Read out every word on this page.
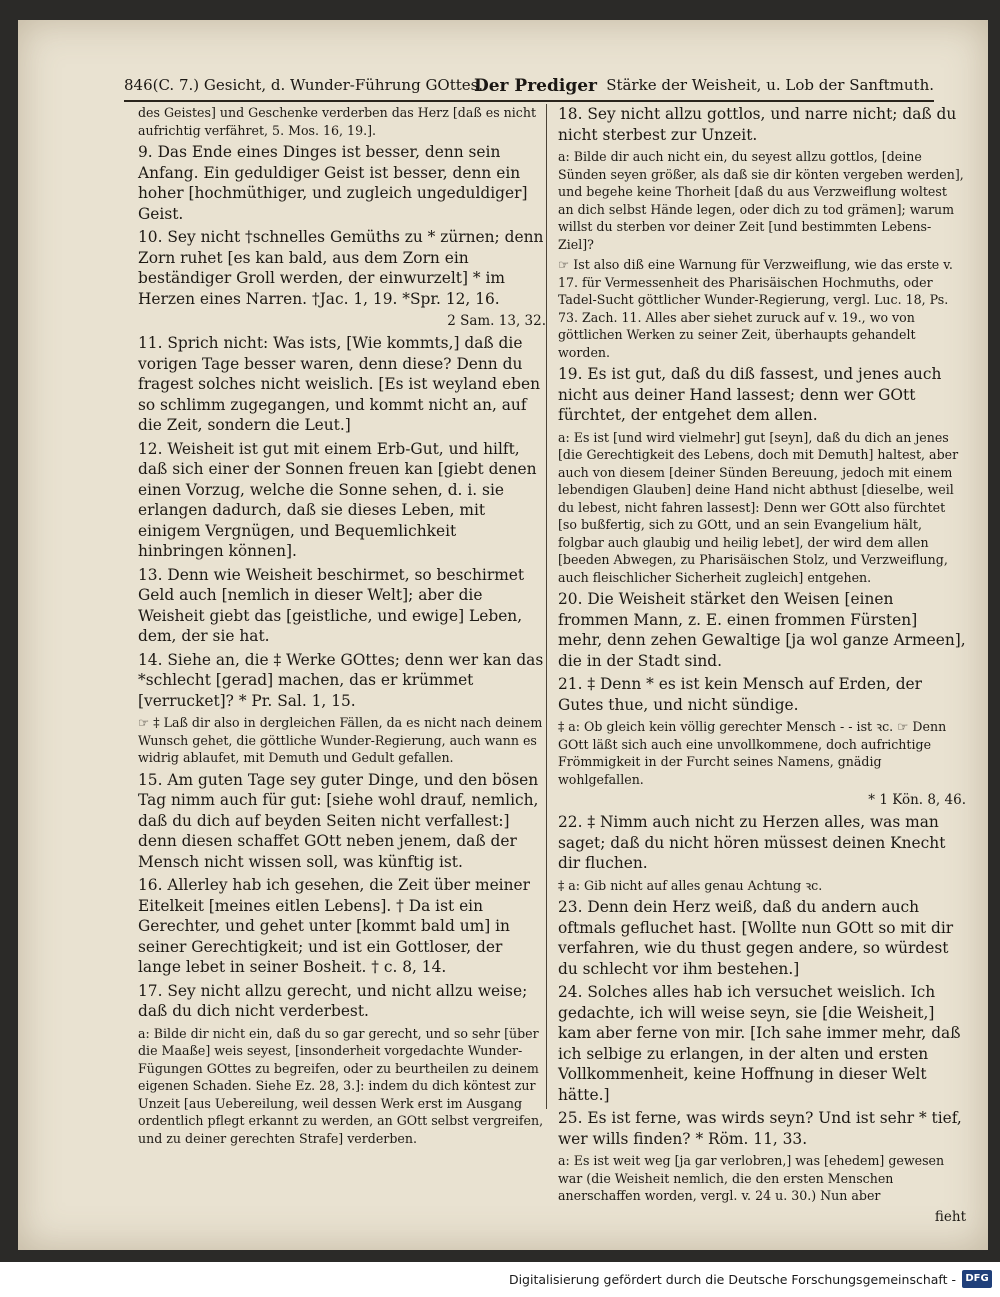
846(C. 7.) Gesicht, d. Wunder-Führung GOttes.
Der Prediger Stärke der Weisheit, u. Lob der Sanftmuth.

des Geistes] und Geschenke verderben das Herz [daß es nicht aufrichtig verfähret, 5. Mos. 16, 19.].

9. Das Ende eines Dinges ist besser, denn sein Anfang. Ein geduldiger Geist ist besser, denn ein hoher [hochmüthiger, und zugleich ungeduldiger] Geist.

10. Sey nicht †schnelles Gemüths zu * zürnen; denn Zorn ruhet [es kan bald, aus dem Zorn ein beständiger Groll werden, der einwurzelt] * im Herzen eines Narren. †Jac. 1, 19. *Spr. 12, 16.

2 Sam. 13, 32.

11. Sprich nicht: Was ists, [Wie kommts,] daß die vorigen Tage besser waren, denn diese? Denn du fragest solches nicht weislich. [Es ist weyland eben so schlimm zugegangen, und kommt nicht an, auf die Zeit, sondern die Leut.]

12. Weisheit ist gut mit einem Erb-Gut, und hilft, daß sich einer der Sonnen freuen kan [giebt denen einen Vorzug, welche die Sonne sehen, d. i. sie erlangen dadurch, daß sie dieses Leben, mit einigem Vergnügen, und Bequemlichkeit hinbringen können].

13. Denn wie Weisheit beschirmet, so beschirmet Geld auch [nemlich in dieser Welt]; aber die Weisheit giebt das [geistliche, und ewige] Leben, dem, der sie hat.

14. Siehe an, die ‡ Werke GOttes; denn wer kan das *schlecht [gerad] machen, das er krümmet [verrucket]? * Pr. Sal. 1, 15.

☞ ‡ Laß dir also in dergleichen Fällen, da es nicht nach deinem Wunsch gehet, die göttliche Wunder-Regierung, auch wann es widrig ablaufet, mit Demuth und Gedult gefallen.

15. Am guten Tage sey guter Dinge, und den bösen Tag nimm auch für gut: [siehe wohl drauf, nemlich, daß du dich auf beyden Seiten nicht verfallest:] denn diesen schaffet GOtt neben jenem, daß der Mensch nicht wissen soll, was künftig ist.

16. Allerley hab ich gesehen, die Zeit über meiner Eitelkeit [meines eitlen Lebens]. † Da ist ein Gerechter, und gehet unter [kommt bald um] in seiner Gerechtigkeit; und ist ein Gottloser, der lange lebet in seiner Bosheit. † c. 8, 14.

17. Sey nicht allzu gerecht, und nicht allzu weise; daß du dich nicht verderbest.

a: Bilde dir nicht ein, daß du so gar gerecht, und so sehr [über die Maaße] weis seyest, [insonderheit vorgedachte Wunder-Fügungen GOttes zu begreifen, oder zu beurtheilen zu deinem eigenen Schaden. Siehe Ez. 28, 3.]: indem du dich köntest zur Unzeit [aus Uebereilung, weil dessen Werk erst im Ausgang ordentlich pflegt erkannt zu werden, an GOtt selbst vergreifen, und zu deiner gerechten Strafe] verderben.

18. Sey nicht allzu gottlos, und narre nicht; daß du nicht sterbest zur Unzeit.

a: Bilde dir auch nicht ein, du seyest allzu gottlos, [deine Sünden seyen größer, als daß sie dir könten vergeben werden], und begehe keine Thorheit [daß du aus Verzweiflung woltest an dich selbst Hände legen, oder dich zu tod grämen]; warum willst du sterben vor deiner Zeit [und bestimmten Lebens-Ziel]?

☞ Ist also diß eine Warnung für Verzweiflung, wie das erste v. 17. für Vermessenheit des Pharisäischen Hochmuths, oder Tadel-Sucht göttlicher Wunder-Regierung, vergl. Luc. 18, Ps. 73. Zach. 11. Alles aber siehet zuruck auf v. 19., wo von göttlichen Werken zu seiner Zeit, überhaupts gehandelt worden.

19. Es ist gut, daß du diß fassest, und jenes auch nicht aus deiner Hand lassest; denn wer GOtt fürchtet, der entgehet dem allen.

a: Es ist [und wird vielmehr] gut [seyn], daß du dich an jenes [die Gerechtigkeit des Lebens, doch mit Demuth] haltest, aber auch von diesem [deiner Sünden Bereuung, jedoch mit einem lebendigen Glauben] deine Hand nicht abthust [dieselbe, weil du lebest, nicht fahren lassest]: Denn wer GOtt also fürchtet [so bußfertig, sich zu GOtt, und an sein Evangelium hält, folgbar auch glaubig und heilig lebet], der wird dem allen [beeden Abwegen, zu Pharisäischen Stolz, und Verzweiflung, auch fleischlicher Sicherheit zugleich] entgehen.

20. Die Weisheit stärket den Weisen [einen frommen Mann, z. E. einen frommen Fürsten] mehr, denn zehen Gewaltige [ja wol ganze Armeen], die in der Stadt sind.

21. ‡ Denn * es ist kein Mensch auf Erden, der Gutes thue, und nicht sündige.

‡ a: Ob gleich kein völlig gerechter Mensch - - ist ꝛc. ☞ Denn GOtt läßt sich auch eine unvollkommene, doch aufrichtige Frömmigkeit in der Furcht seines Namens, gnädig wohlgefallen.

* 1 Kön. 8, 46.

22. ‡ Nimm auch nicht zu Herzen alles, was man saget; daß du nicht hören müssest deinen Knecht dir fluchen.

‡ a: Gib nicht auf alles genau Achtung ꝛc.

23. Denn dein Herz weiß, daß du andern auch oftmals gefluchet hast. [Wollte nun GOtt so mit dir verfahren, wie du thust gegen andere, so würdest du schlecht vor ihm bestehen.]

24. Solches alles hab ich versuchet weislich. Ich gedachte, ich will weise seyn, sie [die Weisheit,] kam aber ferne von mir. [Ich sahe immer mehr, daß ich selbige zu erlangen, in der alten und ersten Vollkommenheit, keine Hoffnung in dieser Welt hätte.]

25. Es ist ferne, was wirds seyn? Und ist sehr * tief, wer wills finden? * Röm. 11, 33.

a: Es ist weit weg [ja gar verlobren,] was [ehedem] gewesen war (die Weisheit nemlich, die den ersten Menschen anerschaffen worden, vergl. v. 24 u. 30.) Nun aber

fieht

Digitalisierung gefördert durch die Deutsche Forschungsgemeinschaft - DFG
